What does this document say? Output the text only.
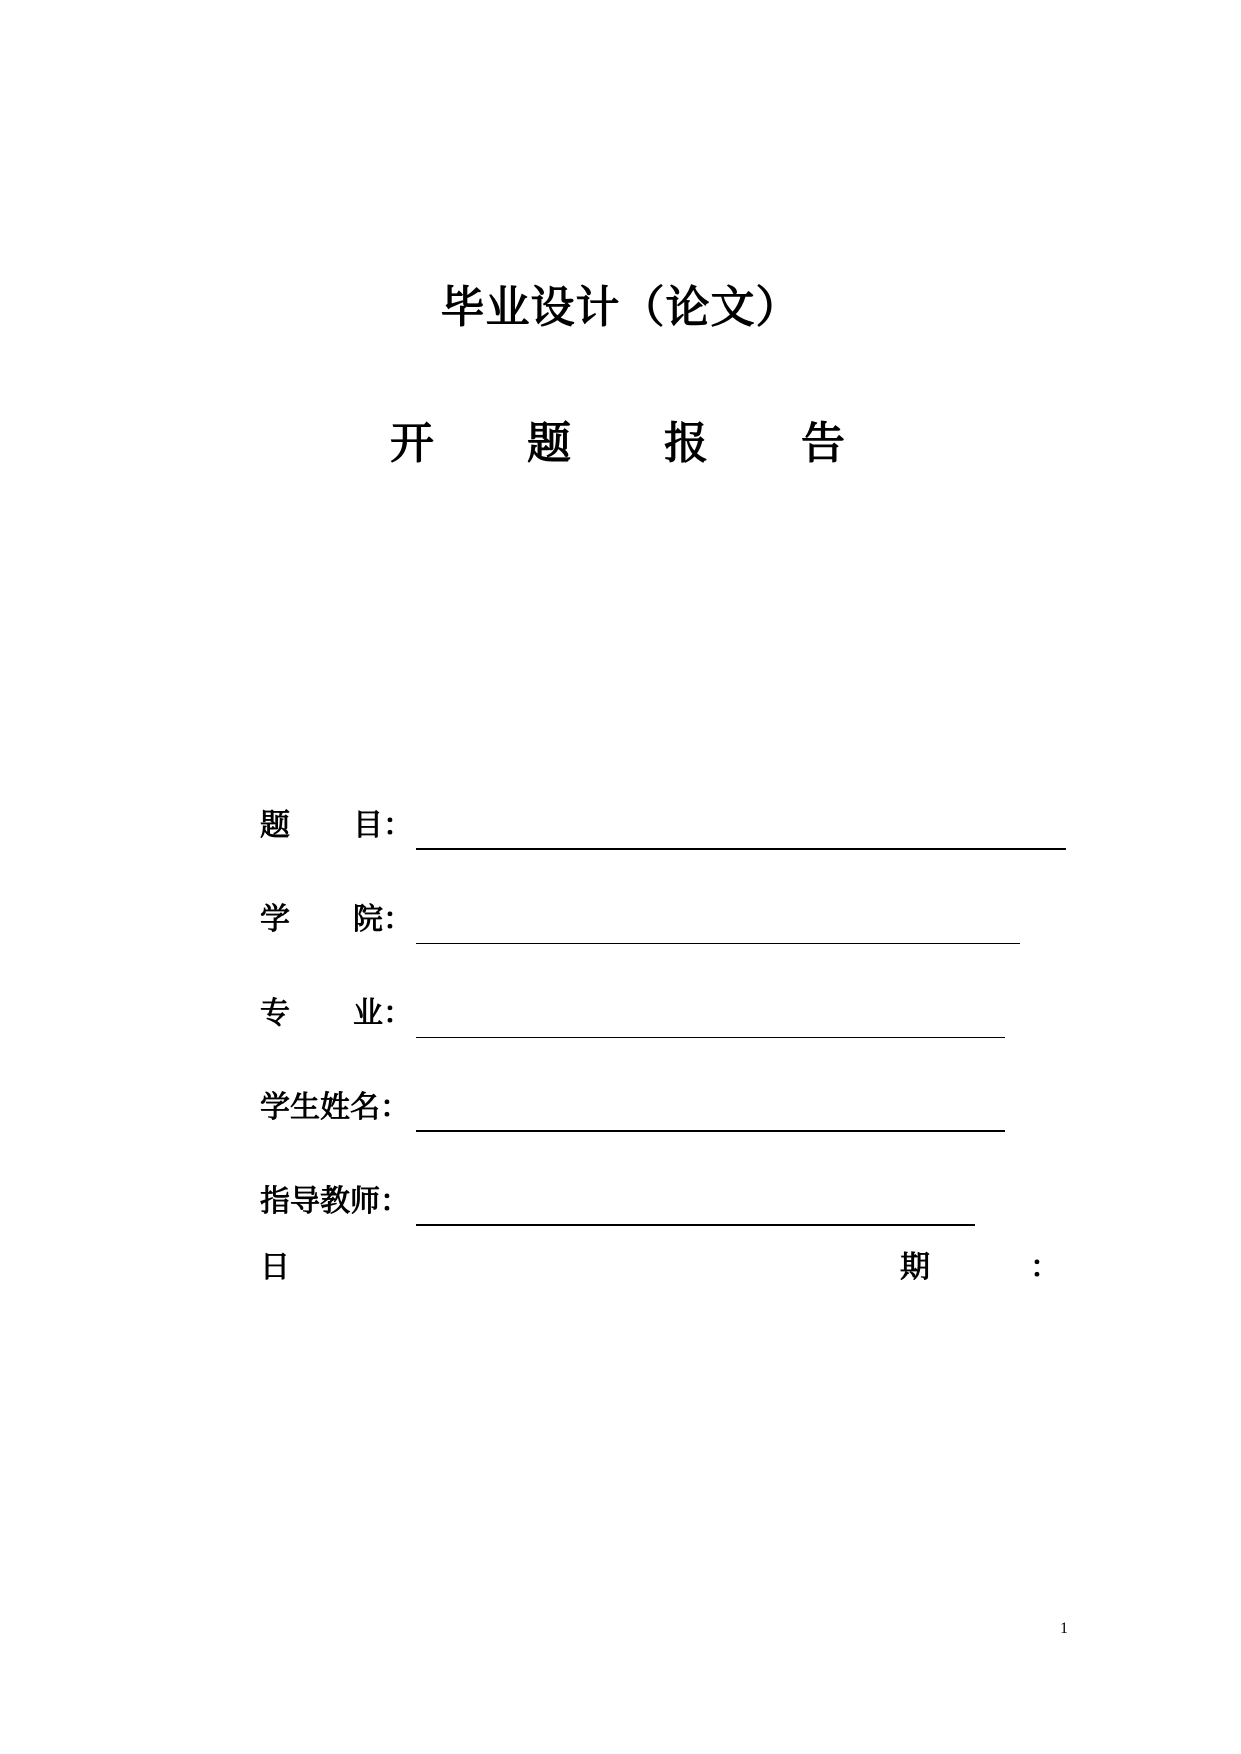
毕业设计（论文）
开 题 报 告
题 目：
学 院：
专 业：
学生姓名：
指导教师：
日	期	：
1
